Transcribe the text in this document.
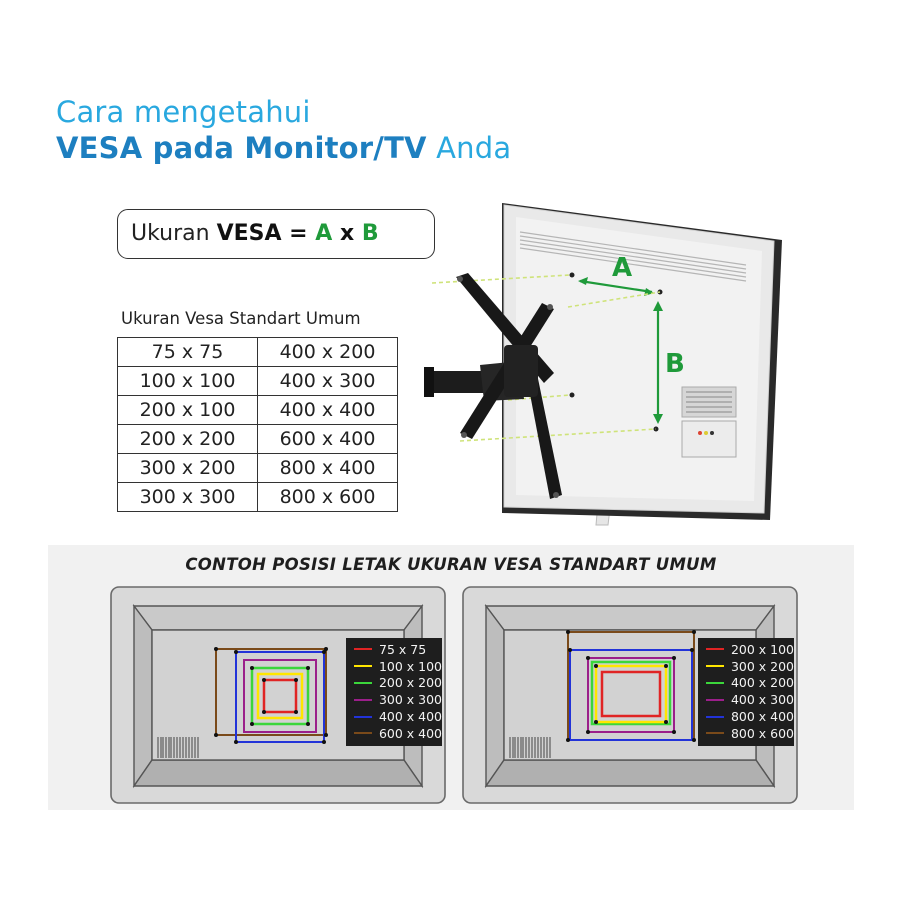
Cara mengetahui
VESA pada Monitor/TV Anda
Ukuran VESA = A x B
Ukuran Vesa Standart Umum
75 x 75	400 x 200
100 x 100	400 x 300
200 x 100	400 x 400
200 x 200	600 x 400
300 x 200	800 x 400
300 x 300	800 x 600
A
B
CONTOH POSISI LETAK UKURAN VESA STANDART UMUM
75 x 75
100 x 100
200 x 200
300 x 300
400 x 400
600 x 400
200 x 100
300 x 200
400 x 200
400 x 300
800 x 400
800 x 600
